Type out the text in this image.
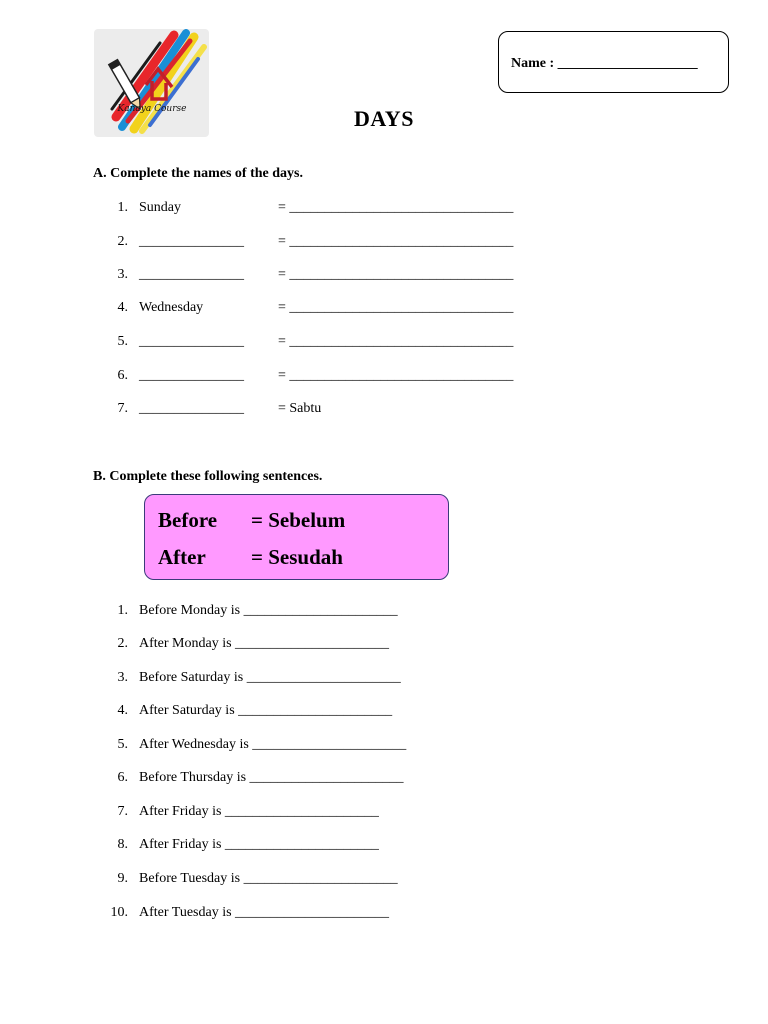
Kanaya Course
Name : ____________________
DAYS
A. Complete the names of the days.
1. Sunday	= ________________________________
2. _______________ = ________________________________
3. _______________ = ________________________________
4. Wednesday	= ________________________________
5. _______________ = ________________________________
6. _______________ = ________________________________
7. _______________ = Sabtu
B. Complete these following sentences.
Before = Sebelum
After = Sesudah
1. Before Monday is ______________________
2. After Monday is ______________________
3. Before Saturday is ______________________
4. After Saturday is ______________________
5. After Wednesday is ______________________
6. Before Thursday is ______________________
7. After Friday is ______________________
8. After Friday is ______________________
9. Before Tuesday is ______________________
10. After Tuesday is ______________________
